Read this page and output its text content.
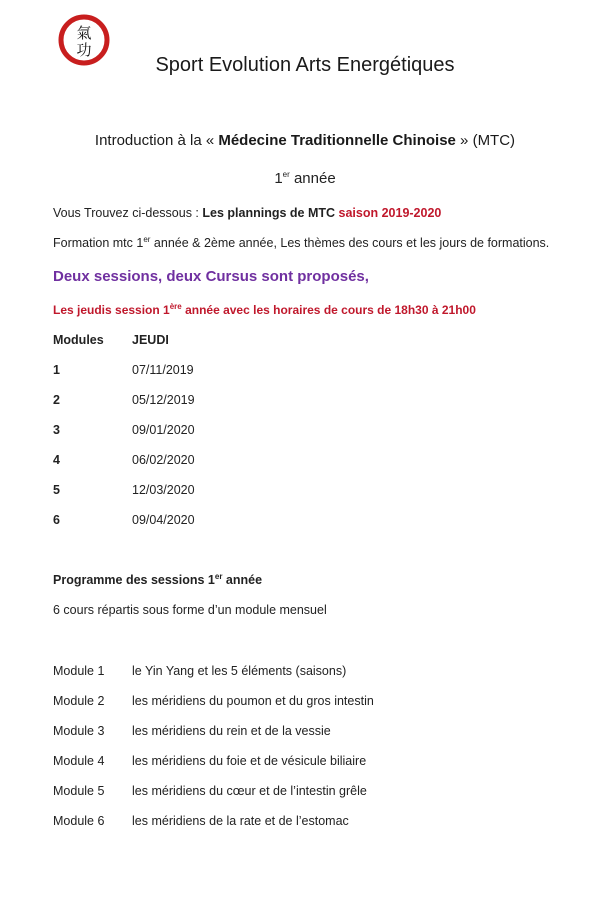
氣
功
Sport Evolution Arts Energétiques
Introduction à la « Médecine Traditionnelle Chinoise » (MTC)
1er année
Vous Trouvez ci-dessous : Les plannings de MTC saison 2019-2020
Formation mtc 1er année & 2ème année, Les thèmes des cours et les jours de formations.
Deux sessions, deux Cursus sont proposés,
Les jeudis session 1ère année avec les horaires de cours de 18h30 à 21h00
Modules JEUDI
1	07/11/2019
2	05/12/2019
3	09/01/2020
4	06/02/2020
5	12/03/2020
6	09/04/2020
Programme des sessions 1er année
6 cours répartis sous forme d’un module mensuel
Module 1 le Yin Yang et les 5 éléments (saisons)
Module 2 les méridiens du poumon et du gros intestin
Module 3 les méridiens du rein et de la vessie
Module 4 les méridiens du foie et de vésicule biliaire
Module 5 les méridiens du cœur et de l’intestin grêle
Module 6 les méridiens de la rate et de l’estomac
